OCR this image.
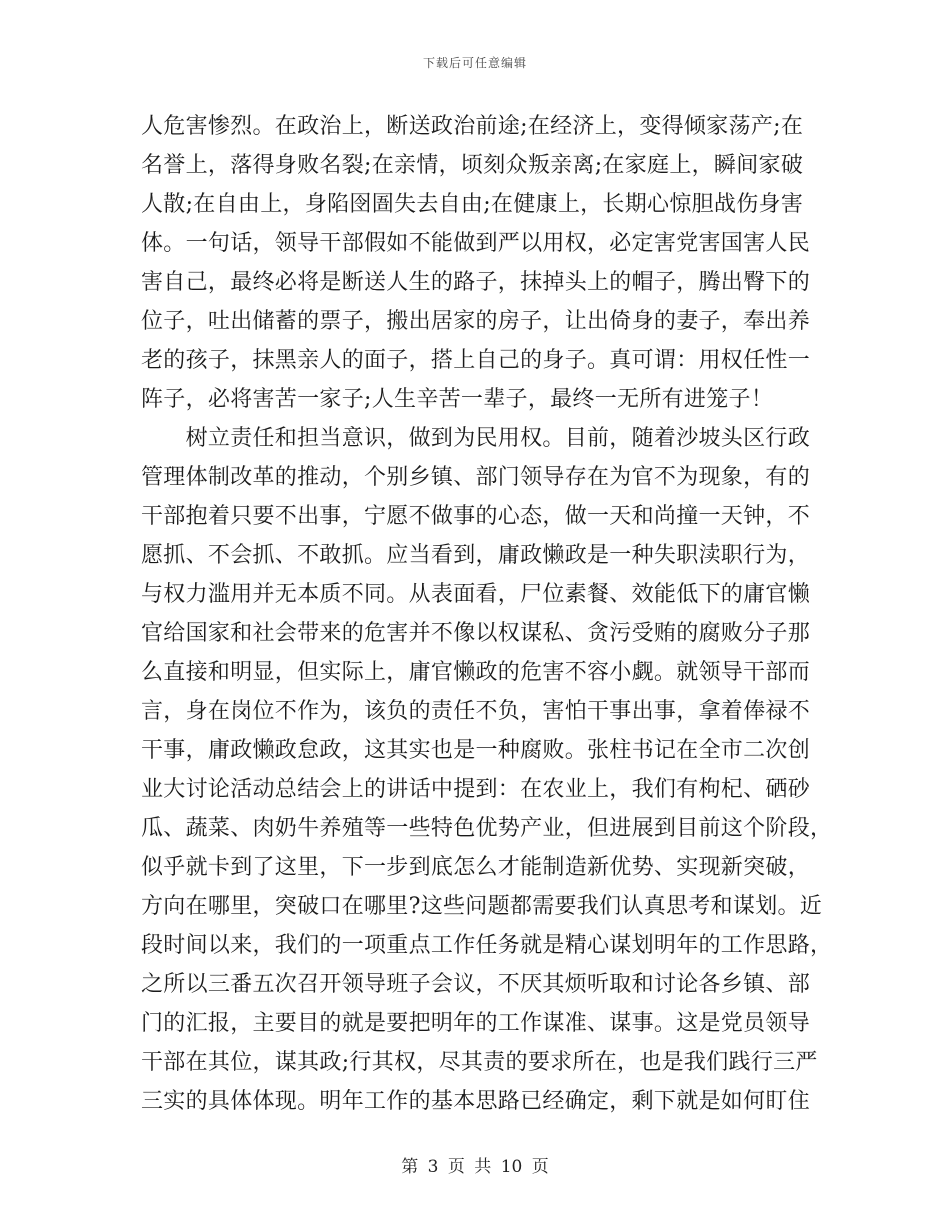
下载后可任意编辑
人危害惨烈。在政治上，断送政治前途;在经济上，变得倾家荡产;在
名誉上，落得身败名裂;在亲情，顷刻众叛亲离;在家庭上，瞬间家破
人散;在自由上，身陷囹圄失去自由;在健康上，长期心惊胆战伤身害
体。一句话，领导干部假如不能做到严以用权，必定害党害国害人民
害自己，最终必将是断送人生的路子，抹掉头上的帽子，腾出臀下的
位子，吐出储蓄的票子，搬出居家的房子，让出倚身的妻子，奉出养
老的孩子，抹黑亲人的面子，搭上自己的身子。真可谓：用权任性一
阵子，必将害苦一家子;人生辛苦一辈子，最终一无所有进笼子！
　　树立责任和担当意识，做到为民用权。目前，随着沙坡头区行政
管理体制改革的推动，个别乡镇、部门领导存在为官不为现象，有的
干部抱着只要不出事，宁愿不做事的心态，做一天和尚撞一天钟，不
愿抓、不会抓、不敢抓。应当看到，庸政懒政是一种失职渎职行为，
与权力滥用并无本质不同。从表面看，尸位素餐、效能低下的庸官懒
官给国家和社会带来的危害并不像以权谋私、贪污受贿的腐败分子那
么直接和明显，但实际上，庸官懒政的危害不容小觑。就领导干部而
言，身在岗位不作为，该负的责任不负，害怕干事出事，拿着俸禄不
干事，庸政懒政怠政，这其实也是一种腐败。张柱书记在全市二次创
业大讨论活动总结会上的讲话中提到：在农业上，我们有枸杞、硒砂
瓜、蔬菜、肉奶牛养殖等一些特色优势产业，但进展到目前这个阶段，
似乎就卡到了这里，下一步到底怎么才能制造新优势、实现新突破，
方向在哪里，突破口在哪里?这些问题都需要我们认真思考和谋划。近
段时间以来，我们的一项重点工作任务就是精心谋划明年的工作思路，
之所以三番五次召开领导班子会议，不厌其烦听取和讨论各乡镇、部
门的汇报，主要目的就是要把明年的工作谋准、谋事。这是党员领导
干部在其位，谋其政;行其权，尽其责的要求所在，也是我们践行三严
三实的具体体现。明年工作的基本思路已经确定，剩下就是如何盯住
第 3 页 共 10 页
